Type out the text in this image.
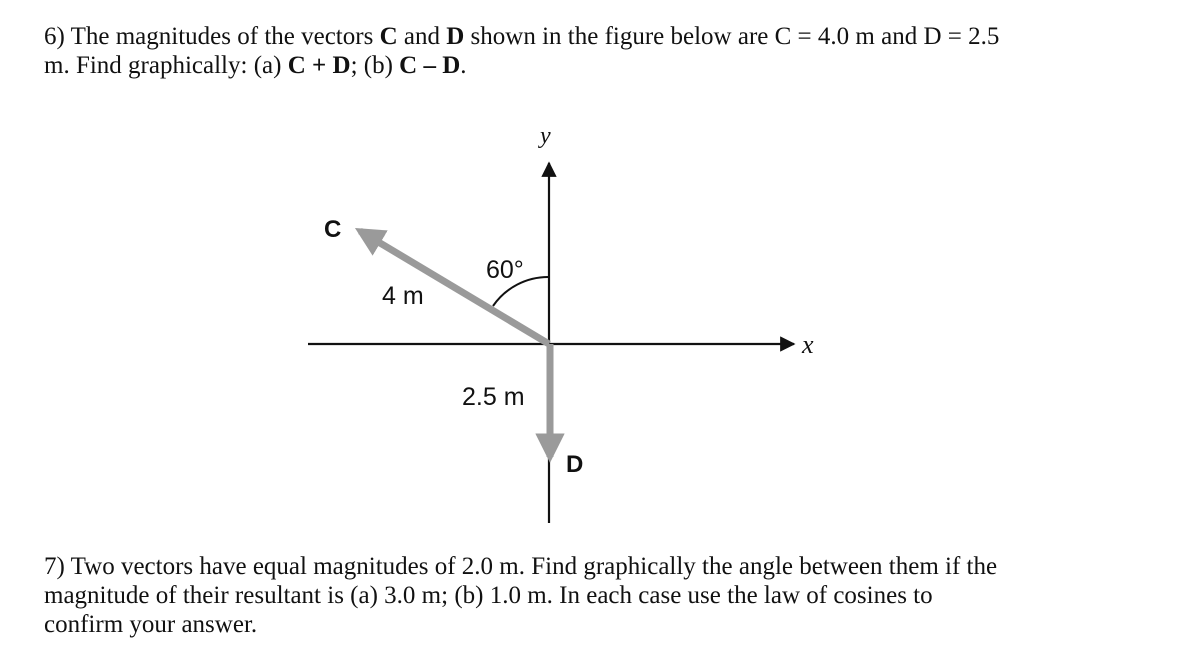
6) The magnitudes of the vectors C and D shown in the figure below are C = 4.0 m and D = 2.5
m. Find graphically: (a) C + D; (b) C – D.
x
y
C
4 m
60°
2.5 m
D
7) Two vectors have equal magnitudes of 2.0 m. Find graphically the angle between them if the
magnitude of their resultant is (a) 3.0 m; (b) 1.0 m. In each case use the law of cosines to
confirm your answer.
